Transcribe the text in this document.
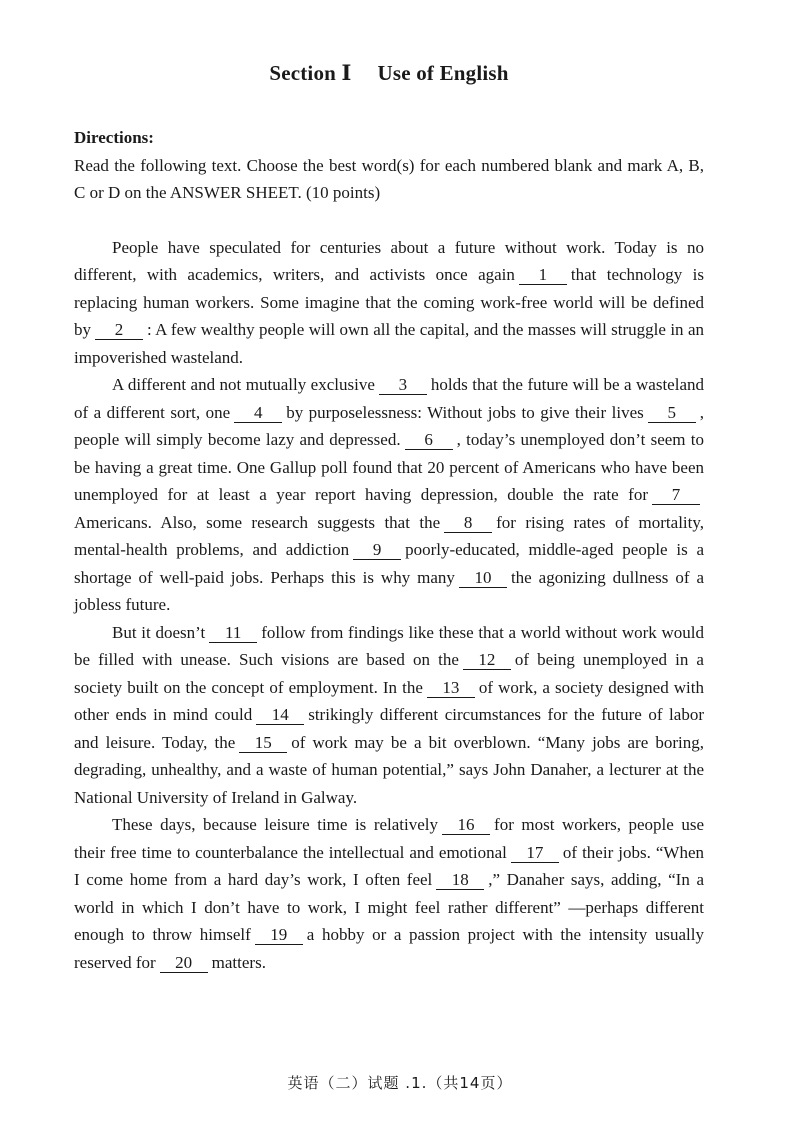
Section Ⅰ Use of English
Directions:

Read the following text. Choose the best word(s) for each numbered blank and mark A, B, C or D on the ANSWER SHEET. (10 points)

People have speculated for centuries about a future without work. Today is no different, with academics, writers, and activists once again 1 that technology is replacing human workers. Some imagine that the coming work-free world will be defined by 2 : A few wealthy people will own all the capital, and the masses will struggle in an impoverished wasteland.

A different and not mutually exclusive 3 holds that the future will be a wasteland of a different sort, one 4 by purposelessness: Without jobs to give their lives 5 , people will simply become lazy and depressed. 6 , today’s unemployed don’t seem to be having a great time. One Gallup poll found that 20 percent of Americans who have been unemployed for at least a year report having depression, double the rate for 7Americans. Also, some research suggests that the 8 for rising rates of mortality, mental-health problems, and addiction 9 poorly-educated, middle-aged people is a shortage of well-paid jobs. Perhaps this is why many 10 the agonizing dullness of a jobless future.

But it doesn’t 11 follow from findings like these that a world without work would be filled with unease. Such visions are based on the 12 of being unemployed in a society built on the concept of employment. In the 13 of work, a society designed with other ends in mind could 14 strikingly different circumstances for the future of labor and leisure. Today, the 15 of work may be a bit overblown. “Many jobs are boring, degrading, unhealthy, and a waste of human potential,” says John Danaher, a lecturer at the National University of Ireland in Galway.

These days, because leisure time is relatively 16 for most workers, people use their free time to counterbalance the intellectual and emotional 17 of their jobs. “When I come home from a hard day’s work, I often feel 18 ,” Danaher says, adding, “In a world in which I don’t have to work, I might feel rather different” —perhaps different enough to throw himself 19 a hobby or a passion project with the intensity usually reserved for 20 matters.

英语（二）试题 .1.（共14页）
